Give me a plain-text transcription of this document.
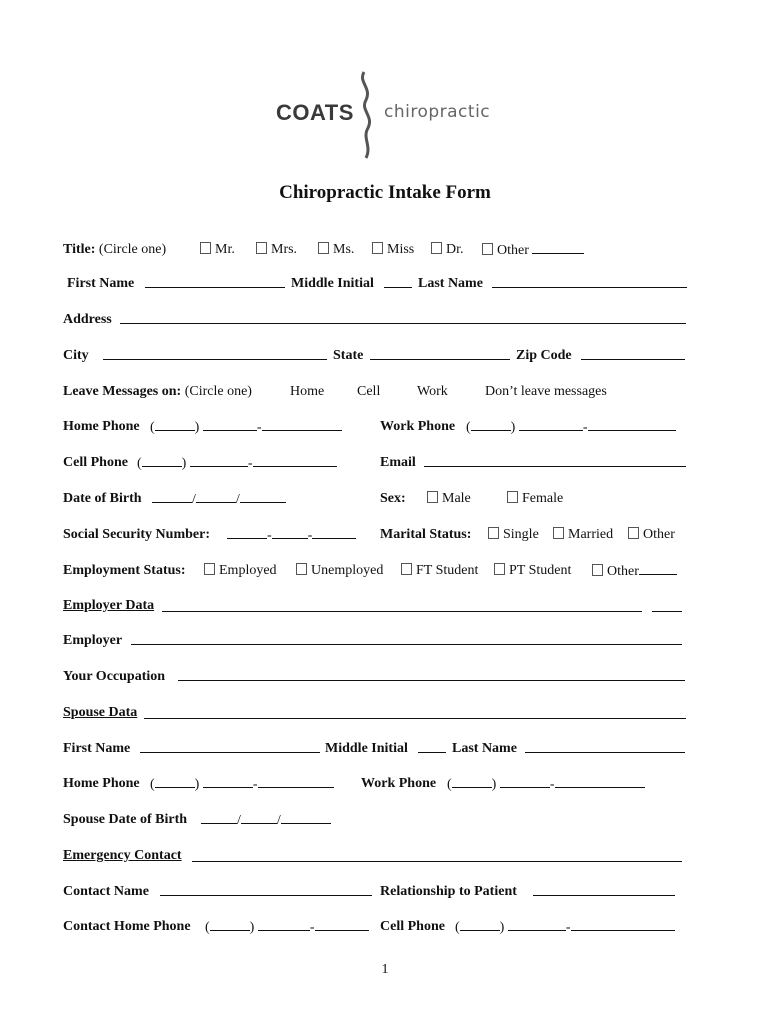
COATS chiropractic
Chiropractic Intake Form
Title: (Circle one)	Mr.	Mrs.	Ms.	Miss	Dr.	Other
First Name	Middle Initial	Last Name
Address
City	State	Zip Code
Leave Messages on: (Circle one)	Home Cell	Work	Don’t leave messages
Home Phone (	)	-	Work Phone (	)	-
Cell Phone (	)	-	Email
Date of Birth	/	/	Sex:	Male	Female
Social Security Number:	-	-	Marital Status:	Single	Married	Other
Employment Status:	Employed	Unemployed	FT Student	PT Student	Other
Employer Data
Employer
Your Occupation
Spouse Data
First Name	Middle Initial	Last Name
Home Phone (	)	-	Work Phone (	)	-
Spouse Date of Birth	/	/
Emergency Contact
Contact Name	Relationship to Patient
Contact Home Phone (	)	-	Cell Phone (	)	-
1
